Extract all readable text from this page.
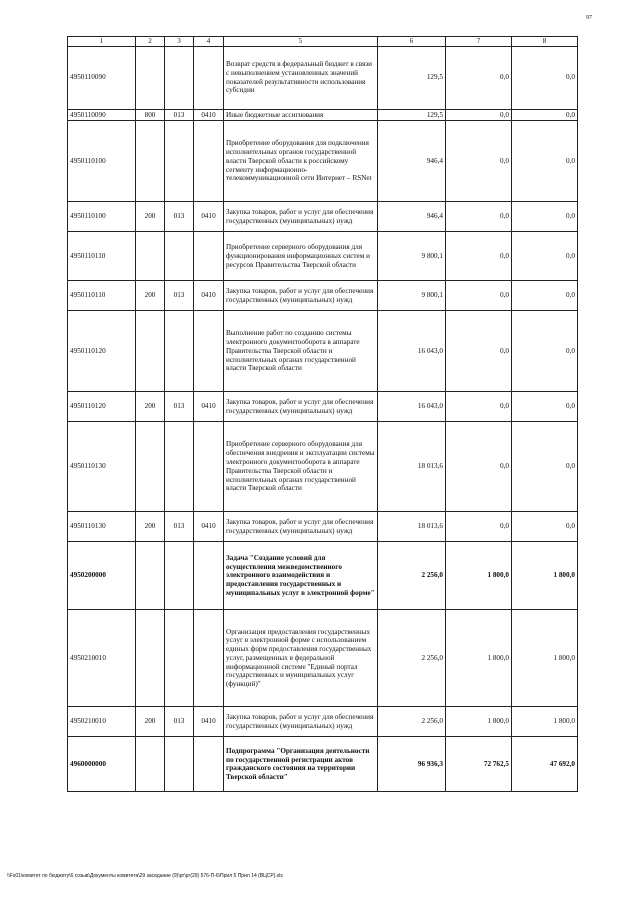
97
1	2	3	4	5	6	7	8
4950110090				Возврат средств в федеральный бюджет в связи с невыполнением установленных значений показателей результативности использования субсидии	129,5	0,0	0,0
4950110090	800	013	0410	Иные бюджетные ассигнования	129,5	0,0	0,0
4950110100				Приобретение оборудования для подключения исполнительных органов государственной власти Тверской области к российскому сегменту информационно-телекоммуникационной сети Интернет – RSNet	946,4	0,0	0,0
4950110100	200	013	0410	Закупка товаров, работ и услуг для обеспечения государственных (муниципальных) нужд	946,4	0,0	0,0
4950110110				Приобретение серверного оборудования для функционирования информационных систем и ресурсов Правительства Тверской области	9 800,1	0,0	0,0
4950110110	200	013	0410	Закупка товаров, работ и услуг для обеспечения государственных (муниципальных) нужд	9 800,1	0,0	0,0
4950110120				Выполнение работ по созданию системы электронного документооборота в аппарате Правительства Тверской области и исполнительных органах государственной власти Тверской области	16 043,0	0,0	0,0
4950110120	200	013	0410	Закупка товаров, работ и услуг для обеспечения государственных (муниципальных) нужд	16 043,0	0,0	0,0
4950110130				Приобретение серверного оборудования для обеспечения внедрения и эксплуатации системы электронного документооборота в аппарате Правительства Тверской области и исполнительных органах государственной власти Тверской области	18 013,6	0,0	0,0
4950110130	200	013	0410	Закупка товаров, работ и услуг для обеспечения государственных (муниципальных) нужд	18 013,6	0,0	0,0
4950200000				Задача "Создание условий для осуществления межведомственного электронного взаимодействия и предоставления государственных и муниципальных услуг в электронной форме"	2 256,0	1 800,0	1 800,0
4950210010				Организация предоставления государственных услуг в электронной форме с использованием единых форм предоставления государственных услуг, размещенных в федеральной информационной системе "Единый портал государственных и муниципальных услуг (функций)"	2 256,0	1 800,0	1 800,0
4950210010	200	013	0410	Закупка товаров, работ и услуг для обеспечения государственных (муниципальных) нужд	2 256,0	1 800,0	1 800,0
4960000000				Подпрограмма "Организация деятельности по государственной регистрации актов гражданского состояния на территории Тверской области"	96 936,3	72 762,5	47 692,0
\\Fs01\комитет по бюджету\6 созыв\Документы комитета\29 заседание (9)\рг\рг(29) 576-П-6\Прил 5 Прил 14 (ВЦСР).xls
